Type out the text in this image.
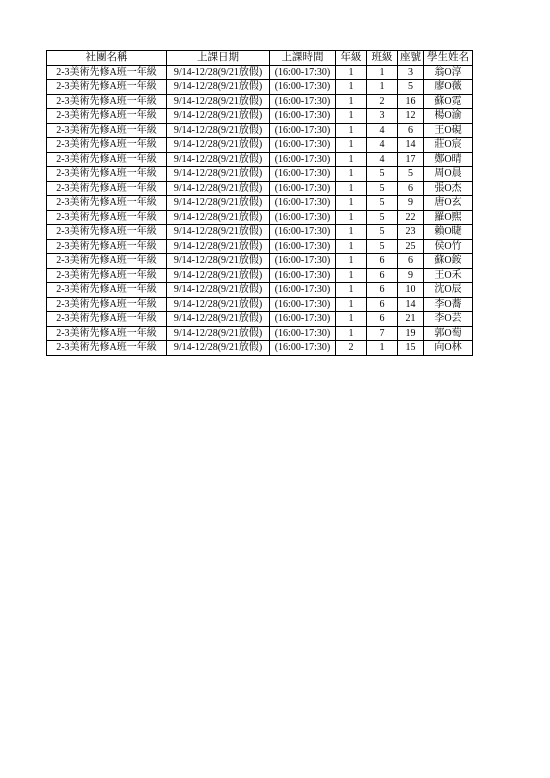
社團名稱	上課日期	上課時間	年級	班級	座號	學生姓名
2-3美術先修A班一年級	9/14-12/28(9/21放假)	(16:00-17:30)	1	1	3	翁O淳
2-3美術先修A班一年級	9/14-12/28(9/21放假)	(16:00-17:30)	1	1	5	廖O薇
2-3美術先修A班一年級	9/14-12/28(9/21放假)	(16:00-17:30)	1	2	16	蘇O霓
2-3美術先修A班一年級	9/14-12/28(9/21放假)	(16:00-17:30)	1	3	12	楊O渝
2-3美術先修A班一年級	9/14-12/28(9/21放假)	(16:00-17:30)	1	4	6	王O硯
2-3美術先修A班一年級	9/14-12/28(9/21放假)	(16:00-17:30)	1	4	14	莊O宸
2-3美術先修A班一年級	9/14-12/28(9/21放假)	(16:00-17:30)	1	4	17	鄭O晴
2-3美術先修A班一年級	9/14-12/28(9/21放假)	(16:00-17:30)	1	5	5	周O晨
2-3美術先修A班一年級	9/14-12/28(9/21放假)	(16:00-17:30)	1	5	6	張O杰
2-3美術先修A班一年級	9/14-12/28(9/21放假)	(16:00-17:30)	1	5	9	唐O玄
2-3美術先修A班一年級	9/14-12/28(9/21放假)	(16:00-17:30)	1	5	22	羅O熙
2-3美術先修A班一年級	9/14-12/28(9/21放假)	(16:00-17:30)	1	5	23	賴O睫
2-3美術先修A班一年級	9/14-12/28(9/21放假)	(16:00-17:30)	1	5	25	侯O竹
2-3美術先修A班一年級	9/14-12/28(9/21放假)	(16:00-17:30)	1	6	6	蘇O銨
2-3美術先修A班一年級	9/14-12/28(9/21放假)	(16:00-17:30)	1	6	9	王O禾
2-3美術先修A班一年級	9/14-12/28(9/21放假)	(16:00-17:30)	1	6	10	沈O辰
2-3美術先修A班一年級	9/14-12/28(9/21放假)	(16:00-17:30)	1	6	14	李O蕎
2-3美術先修A班一年級	9/14-12/28(9/21放假)	(16:00-17:30)	1	6	21	李O芸
2-3美術先修A班一年級	9/14-12/28(9/21放假)	(16:00-17:30)	1	7	19	郭O萄
2-3美術先修A班一年級	9/14-12/28(9/21放假)	(16:00-17:30)	2	1	15	向O林
